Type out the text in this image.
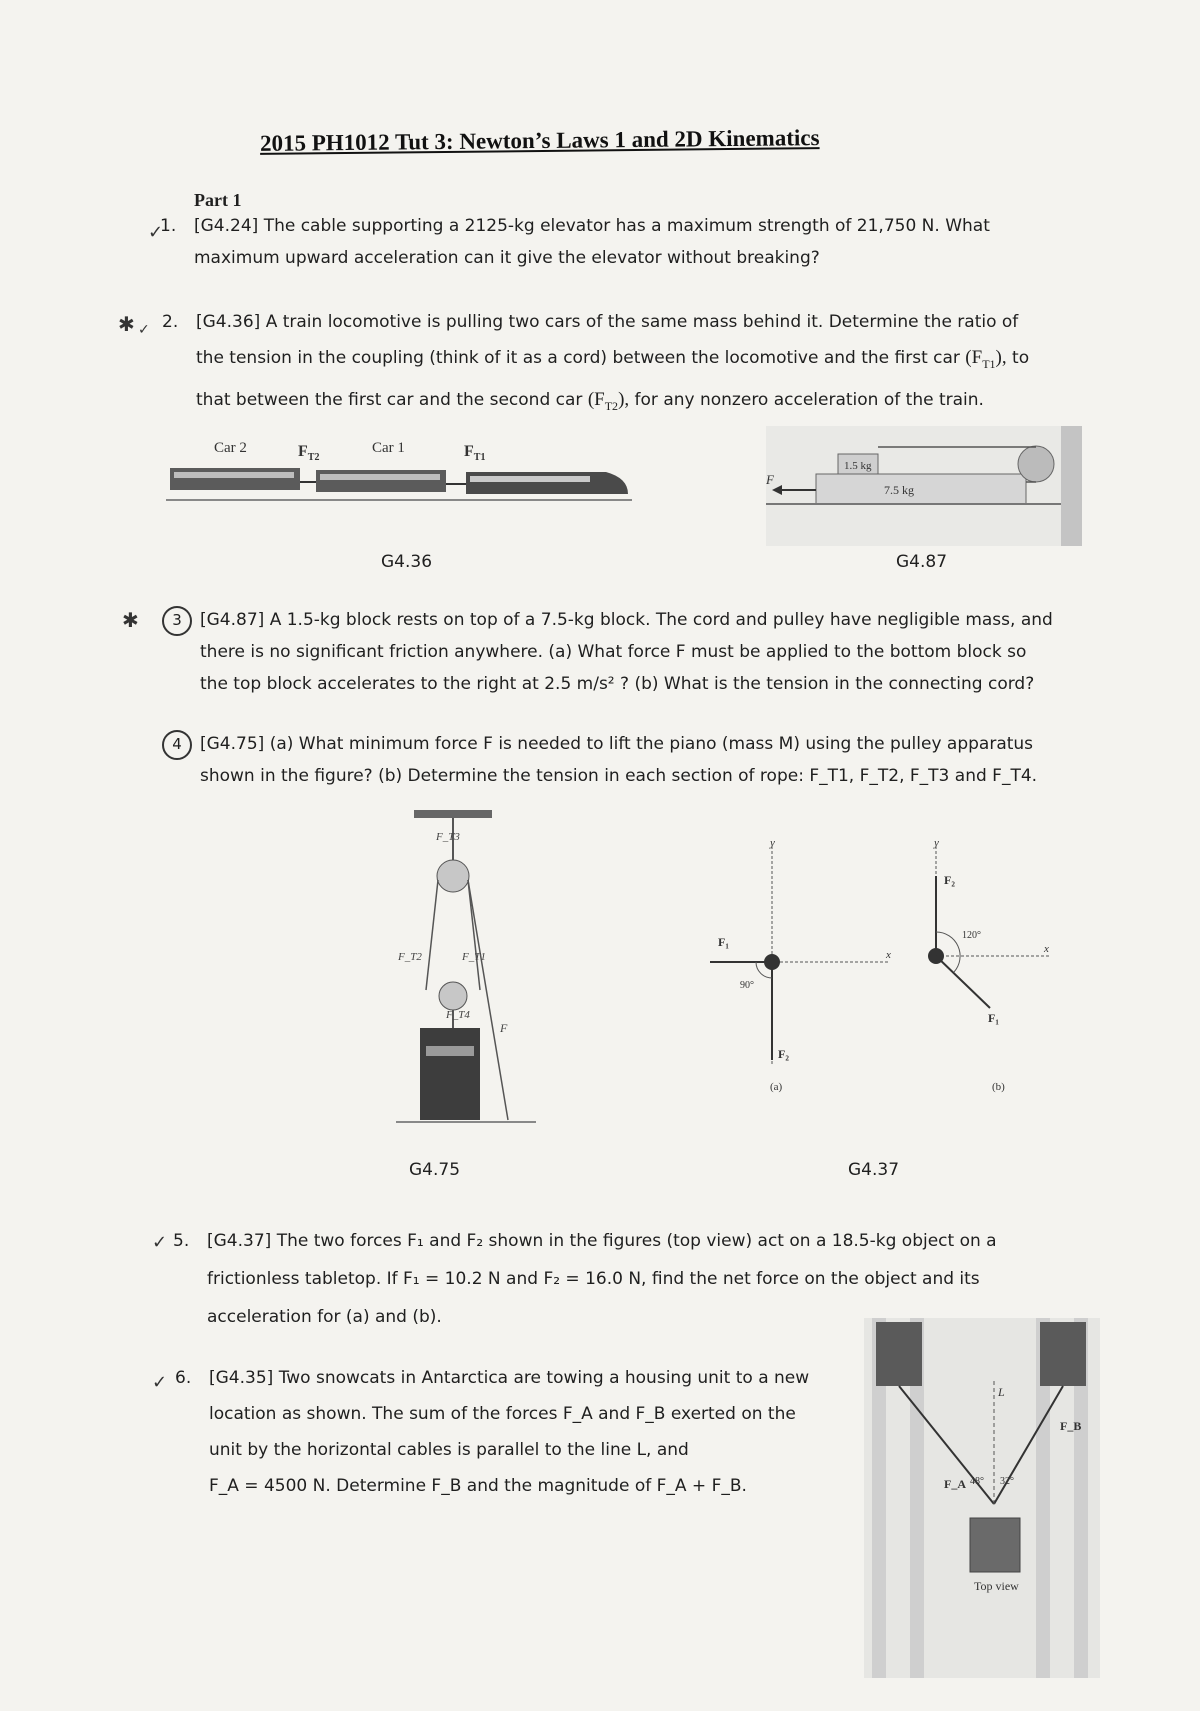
2015 PH1012 Tut 3: Newton’s Laws 1 and 2D Kinematics
Part 1
✓
1. [G4.24] The cable supporting a 2125-kg elevator has a maximum strength of 21,750 N. What
maximum upward acceleration can it give the elevator without breaking?
✱ ✓ 2. [G4.36] A train locomotive is pulling two cars of the same mass behind it. Determine the ratio of
the tension in the coupling (think of it as a cord) between the locomotive and the first car $(F_{T1})$, to
that between the first car and the second car $(F_{T2})$, for any nonzero acceleration of the train.
Car 2	Car 1
$F_{T2}$	$F_{T1}$
G4.36
1.5 kg
7.5 kg
F
G4.87
✱	3	[G4.87] A 1.5-kg block rests on top of a 7.5-kg block. The cord and pulley have negligible mass, and
there is no significant friction anywhere. (a) What force F must be applied to the bottom block so
the top block accelerates to the right at 2.5 m/s² ? (b) What is the tension in the connecting cord?
4	[G4.75] (a) What minimum force F is needed to lift the piano (mass M) using the pulley apparatus
shown in the figure? (b) Determine the tension in each section of rope: F_T1, F_T2, F_T3 and F_T4.
F_T3
F_T2	F_T1
F_T4
F
G4.75
y
x
F₁
F₂
90°
(a)
y
x
F₂
F₁
120°
(b)
G4.37
✓ 5. [G4.37] The two forces F₁ and F₂ shown in the figures (top view) act on a 18.5-kg object on a
frictionless tabletop. If F₁ = 10.2 N and F₂ = 16.0 N, find the net force on the object and its
acceleration for (a) and (b).
✓ 6. [G4.35] Two snowcats in Antarctica are towing a housing unit to a new
location as shown. The sum of the forces F_A and F_B exerted on the
unit by the horizontal cables is parallel to the line L, and
F_A = 4500 N. Determine F_B and the magnitude of F_A + F_B.
L
F_A
F_B
48° 32°
Top view
